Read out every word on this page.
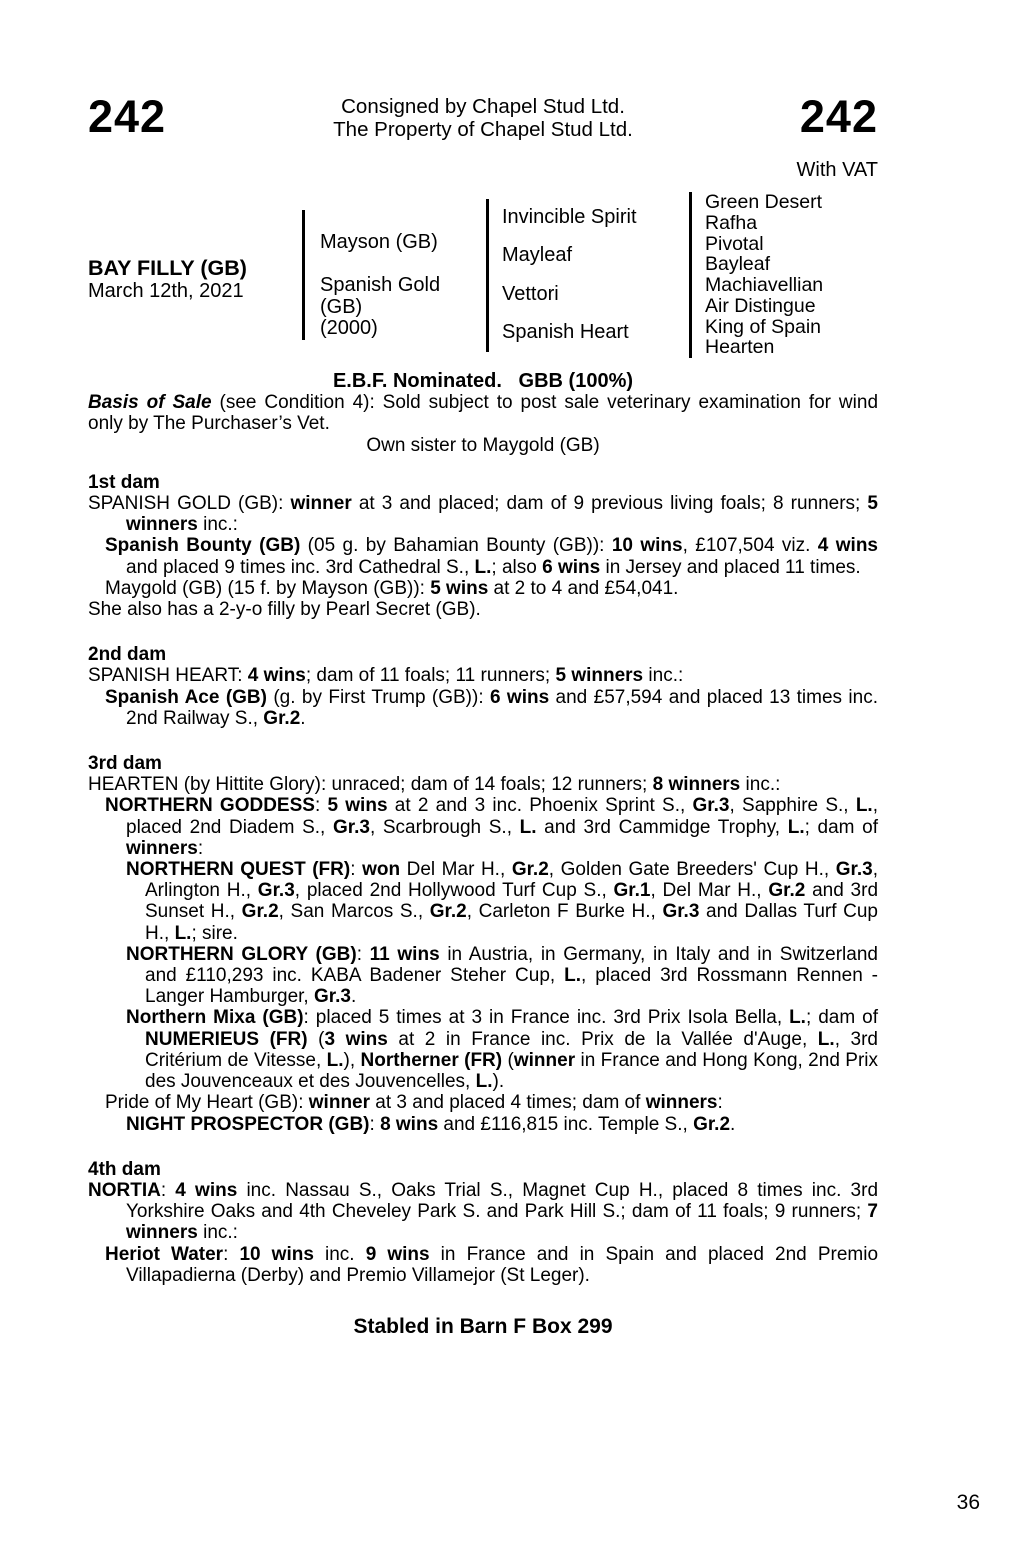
242	Consigned by Chapel Stud Ltd.
The Property of Chapel Stud Ltd.	242
With VAT
BAY FILLY (GB)
March 12th, 2021
Mayson (GB)
Spanish Gold
(GB)
(2000)
Invincible Spirit
Mayleaf
Vettori
Spanish Heart
Green Desert
Rafha
Pivotal
Bayleaf
Machiavellian
Air Distingue
King of Spain
Hearten
E.B.F. Nominated.   GBB (100%)

Basis of Sale (see Condition 4): Sold subject to post sale veterinary examination for wind only by The Purchaser’s Vet.

Own sister to Maygold (GB)
1st dam

SPANISH GOLD (GB): winner at 3 and placed; dam of 9 previous living foals; 8 runners; 5 winners inc.:

Spanish Bounty (GB) (05 g. by Bahamian Bounty (GB)): 10 wins, £107,504 viz. 4 wins and placed 9 times inc. 3rd Cathedral S., L.; also 6 wins in Jersey and placed 11 times.

Maygold (GB) (15 f. by Mayson (GB)): 5 wins at 2 to 4 and £54,041.

She also has a 2-y-o filly by Pearl Secret (GB).

2nd dam

SPANISH HEART: 4 wins; dam of 11 foals; 11 runners; 5 winners inc.:

Spanish Ace (GB) (g. by First Trump (GB)): 6 wins and £57,594 and placed 13 times inc. 2nd Railway S., Gr.2.

3rd dam

HEARTEN (by Hittite Glory): unraced; dam of 14 foals; 12 runners; 8 winners inc.:

NORTHERN GODDESS: 5 wins at 2 and 3 inc. Phoenix Sprint S., Gr.3, Sapphire S., L., placed 2nd Diadem S., Gr.3, Scarbrough S., L. and 3rd Cammidge Trophy, L.; dam of winners:

NORTHERN QUEST (FR): won Del Mar H., Gr.2, Golden Gate Breeders' Cup H., Gr.3, Arlington H., Gr.3, placed 2nd Hollywood Turf Cup S., Gr.1, Del Mar H., Gr.2 and 3rd Sunset H., Gr.2, San Marcos S., Gr.2, Carleton F Burke H., Gr.3 and Dallas Turf Cup H., L.; sire.

NORTHERN GLORY (GB): 11 wins in Austria, in Germany, in Italy and in Switzerland and £110,293 inc. KABA Badener Steher Cup, L., placed 3rd Rossmann Rennen - Langer Hamburger, Gr.3.

Northern Mixa (GB): placed 5 times at 3 in France inc. 3rd Prix Isola Bella, L.; dam of NUMERIEUS (FR) (3 wins at 2 in France inc. Prix de la Vallée d'Auge, L., 3rd Critérium de Vitesse, L.), Northerner (FR) (winner in France and Hong Kong, 2nd Prix des Jouvenceaux et des Jouvencelles, L.).

Pride of My Heart (GB): winner at 3 and placed 4 times; dam of winners:

NIGHT PROSPECTOR (GB): 8 wins and £116,815 inc. Temple S., Gr.2.

4th dam

NORTIA: 4 wins inc. Nassau S., Oaks Trial S., Magnet Cup H., placed 8 times inc. 3rd Yorkshire Oaks and 4th Cheveley Park S. and Park Hill S.; dam of 11 foals; 9 runners; 7 winners inc.:

Heriot Water: 10 wins inc. 9 wins in France and in Spain and placed 2nd Premio Villapadierna (Derby) and Premio Villamejor (St Leger).

Stabled in Barn F Box 299
36
